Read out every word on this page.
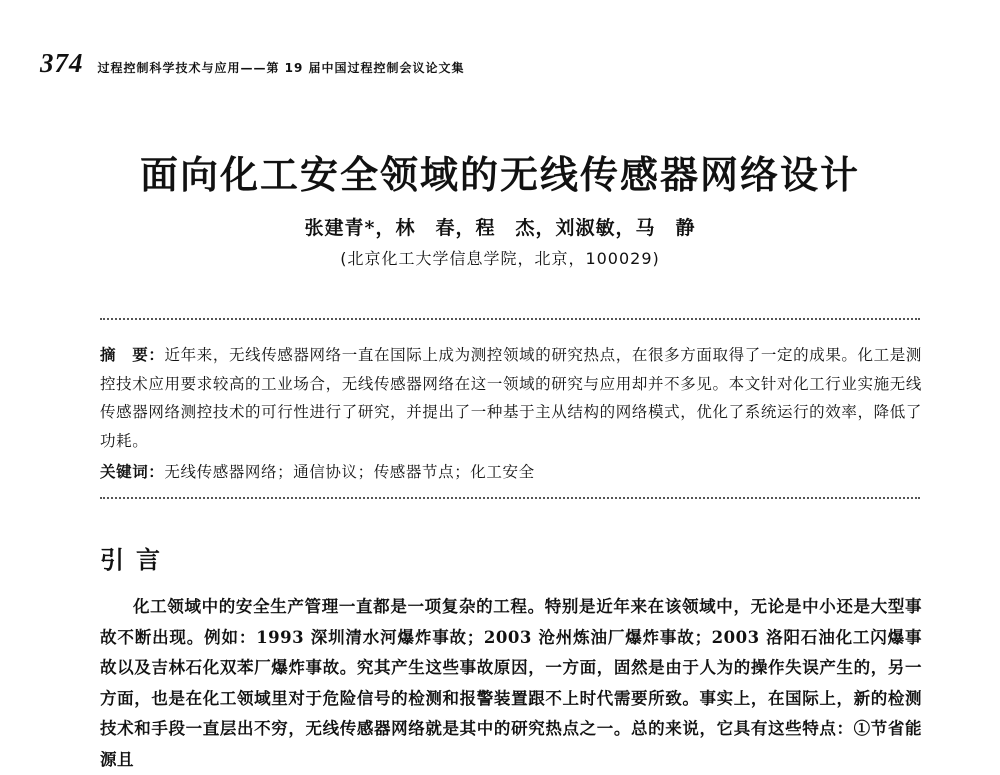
374 过程控制科学技术与应用——第 19 届中国过程控制会议论文集
面向化工安全领域的无线传感器网络设计
张建青*，林　春，程　杰，刘淑敏，马　静
(北京化工大学信息学院，北京，100029)
摘　要：近年来，无线传感器网络一直在国际上成为测控领域的研究热点，在很多方面取得了一定的成果。化工是测控技术应用要求较高的工业场合，无线传感器网络在这一领域的研究与应用却并不多见。本文针对化工行业实施无线传感器网络测控技术的可行性进行了研究，并提出了一种基于主从结构的网络模式，优化了系统运行的效率，降低了功耗。
关键词：无线传感器网络；通信协议；传感器节点；化工安全
引言
化工领域中的安全生产管理一直都是一项复杂的工程。特别是近年来在该领域中，无论是中小还是大型事故不断出现。例如：1993 深圳清水河爆炸事故；2003 沧州炼油厂爆炸事故；2003 洛阳石油化工闪爆事故以及吉林石化双苯厂爆炸事故。究其产生这些事故原因，一方面，固然是由于人为的操作失误产生的，另一方面，也是在化工领域里对于危险信号的检测和报警装置跟不上时代需要所致。事实上，在国际上，新的检测技术和手段一直层出不穷，无线传感器网络就是其中的研究热点之一。总的来说，它具有这些特点：①节省能源且
